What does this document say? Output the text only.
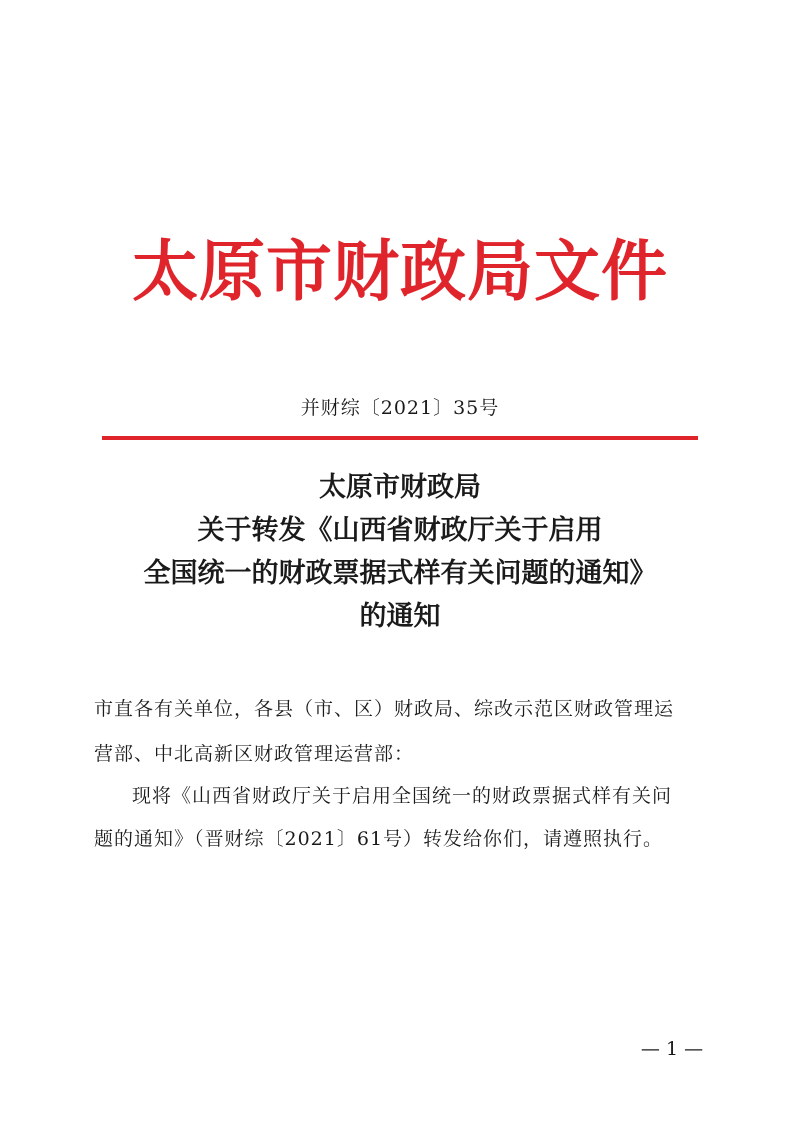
太原市财政局文件
并财综〔2021〕35号
太原市财政局
关于转发《山西省财政厅关于启用
全国统一的财政票据式样有关问题的通知》
的通知
市直各有关单位，各县（市、区）财政局、综改示范区财政管理运营部、中北高新区财政管理运营部：
现将《山西省财政厅关于启用全国统一的财政票据式样有关问题的通知》（晋财综〔2021〕61号）转发给你们，请遵照执行。
— 1 —
